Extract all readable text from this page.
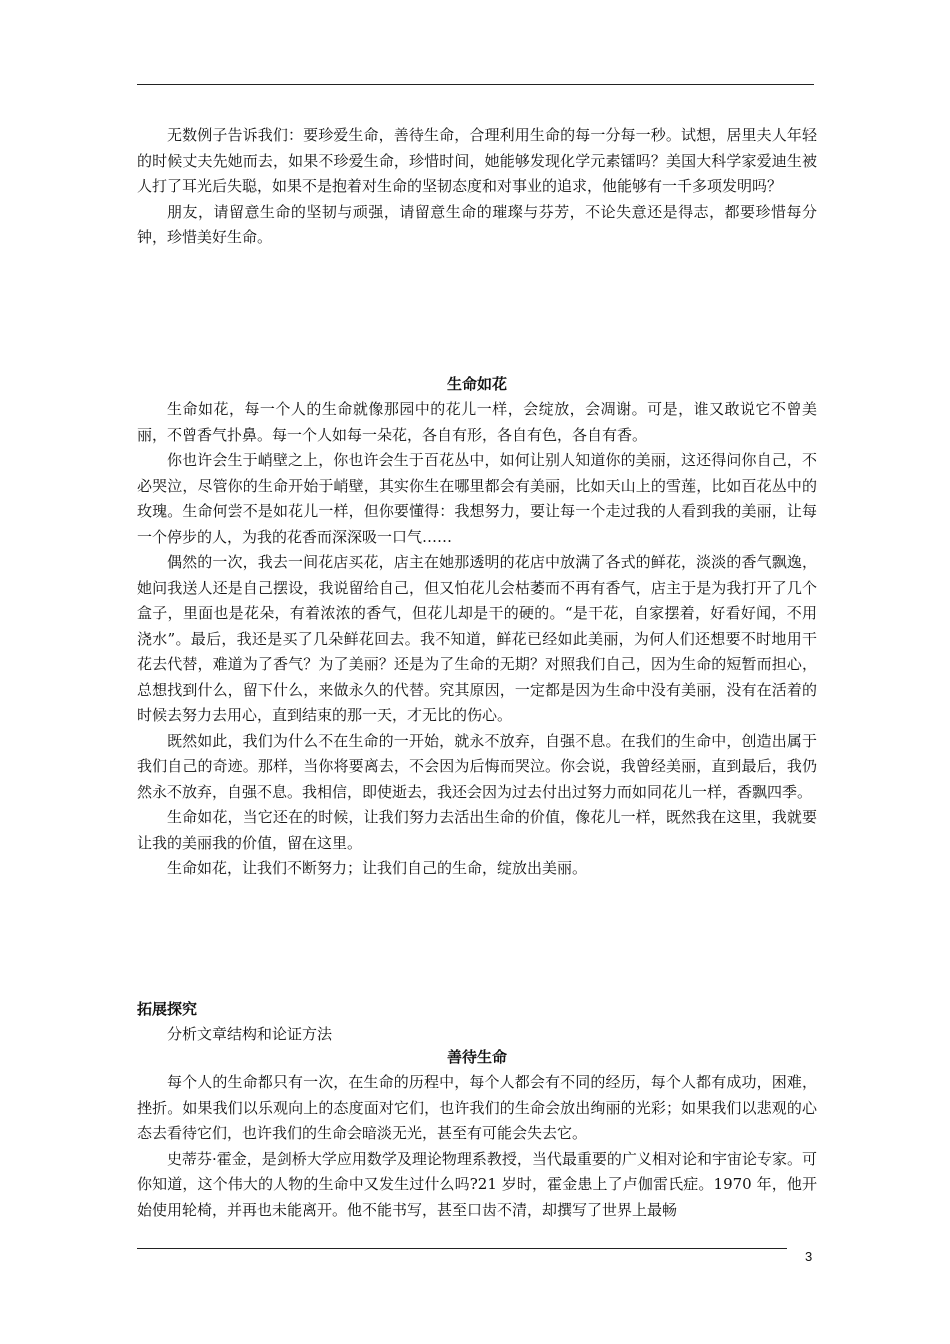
无数例子告诉我们：要珍爱生命，善待生命，合理利用生命的每一分每一秒。试想，居里夫人年轻的时候丈夫先她而去，如果不珍爱生命，珍惜时间，她能够发现化学元素镭吗？美国大科学家爱迪生被人打了耳光后失聪，如果不是抱着对生命的坚韧态度和对事业的追求，他能够有一千多项发明吗？

朋友，请留意生命的坚韧与顽强，请留意生命的璀璨与芬芳，不论失意还是得志，都要珍惜每分钟，珍惜美好生命。

生命如花

生命如花，每一个人的生命就像那园中的花儿一样，会绽放，会凋谢。可是，谁又敢说它不曾美丽，不曾香气扑鼻。每一个人如每一朵花，各自有形，各自有色，各自有香。

你也许会生于峭壁之上，你也许会生于百花丛中，如何让别人知道你的美丽，这还得问你自己，不必哭泣，尽管你的生命开始于峭壁，其实你生在哪里都会有美丽，比如天山上的雪莲，比如百花丛中的玫瑰。生命何尝不是如花儿一样，但你要懂得：我想努力，要让每一个走过我的人看到我的美丽，让每一个停步的人，为我的花香而深深吸一口气……

偶然的一次，我去一间花店买花，店主在她那透明的花店中放满了各式的鲜花，淡淡的香气飘逸，她问我送人还是自己摆设，我说留给自己，但又怕花儿会枯萎而不再有香气，店主于是为我打开了几个盒子，里面也是花朵，有着浓浓的香气，但花儿却是干的硬的。“是干花，自家摆着，好看好闻，不用浇水”。最后，我还是买了几朵鲜花回去。我不知道，鲜花已经如此美丽，为何人们还想要不时地用干花去代替，难道为了香气？为了美丽？还是为了生命的无期？对照我们自己，因为生命的短暂而担心，总想找到什么，留下什么，来做永久的代替。究其原因，一定都是因为生命中没有美丽，没有在活着的时候去努力去用心，直到结束的那一天，才无比的伤心。

既然如此，我们为什么不在生命的一开始，就永不放弃，自强不息。在我们的生命中，创造出属于我们自己的奇迹。那样，当你将要离去，不会因为后悔而哭泣。你会说，我曾经美丽，直到最后，我仍然永不放弃，自强不息。我相信，即使逝去，我还会因为过去付出过努力而如同花儿一样，香飘四季。

生命如花，当它还在的时候，让我们努力去活出生命的价值，像花儿一样，既然我在这里，我就要让我的美丽我的价值，留在这里。

生命如花，让我们不断努力；让我们自己的生命，绽放出美丽。

拓展探究
分析文章结构和论证方法
善待生命

每个人的生命都只有一次，在生命的历程中，每个人都会有不同的经历，每个人都有成功，困难，挫折。如果我们以乐观向上的态度面对它们，也许我们的生命会放出绚丽的光彩；如果我们以悲观的心态去看待它们，也许我们的生命会暗淡无光，甚至有可能会失去它。

史蒂芬·霍金，是剑桥大学应用数学及理论物理系教授，当代最重要的广义相对论和宇宙论专家。可你知道，这个伟大的人物的生命中又发生过什么吗?21 岁时，霍金患上了卢伽雷氏症。1970 年，他开始使用轮椅，并再也未能离开。他不能书写，甚至口齿不清，却撰写了世界上最畅

3
